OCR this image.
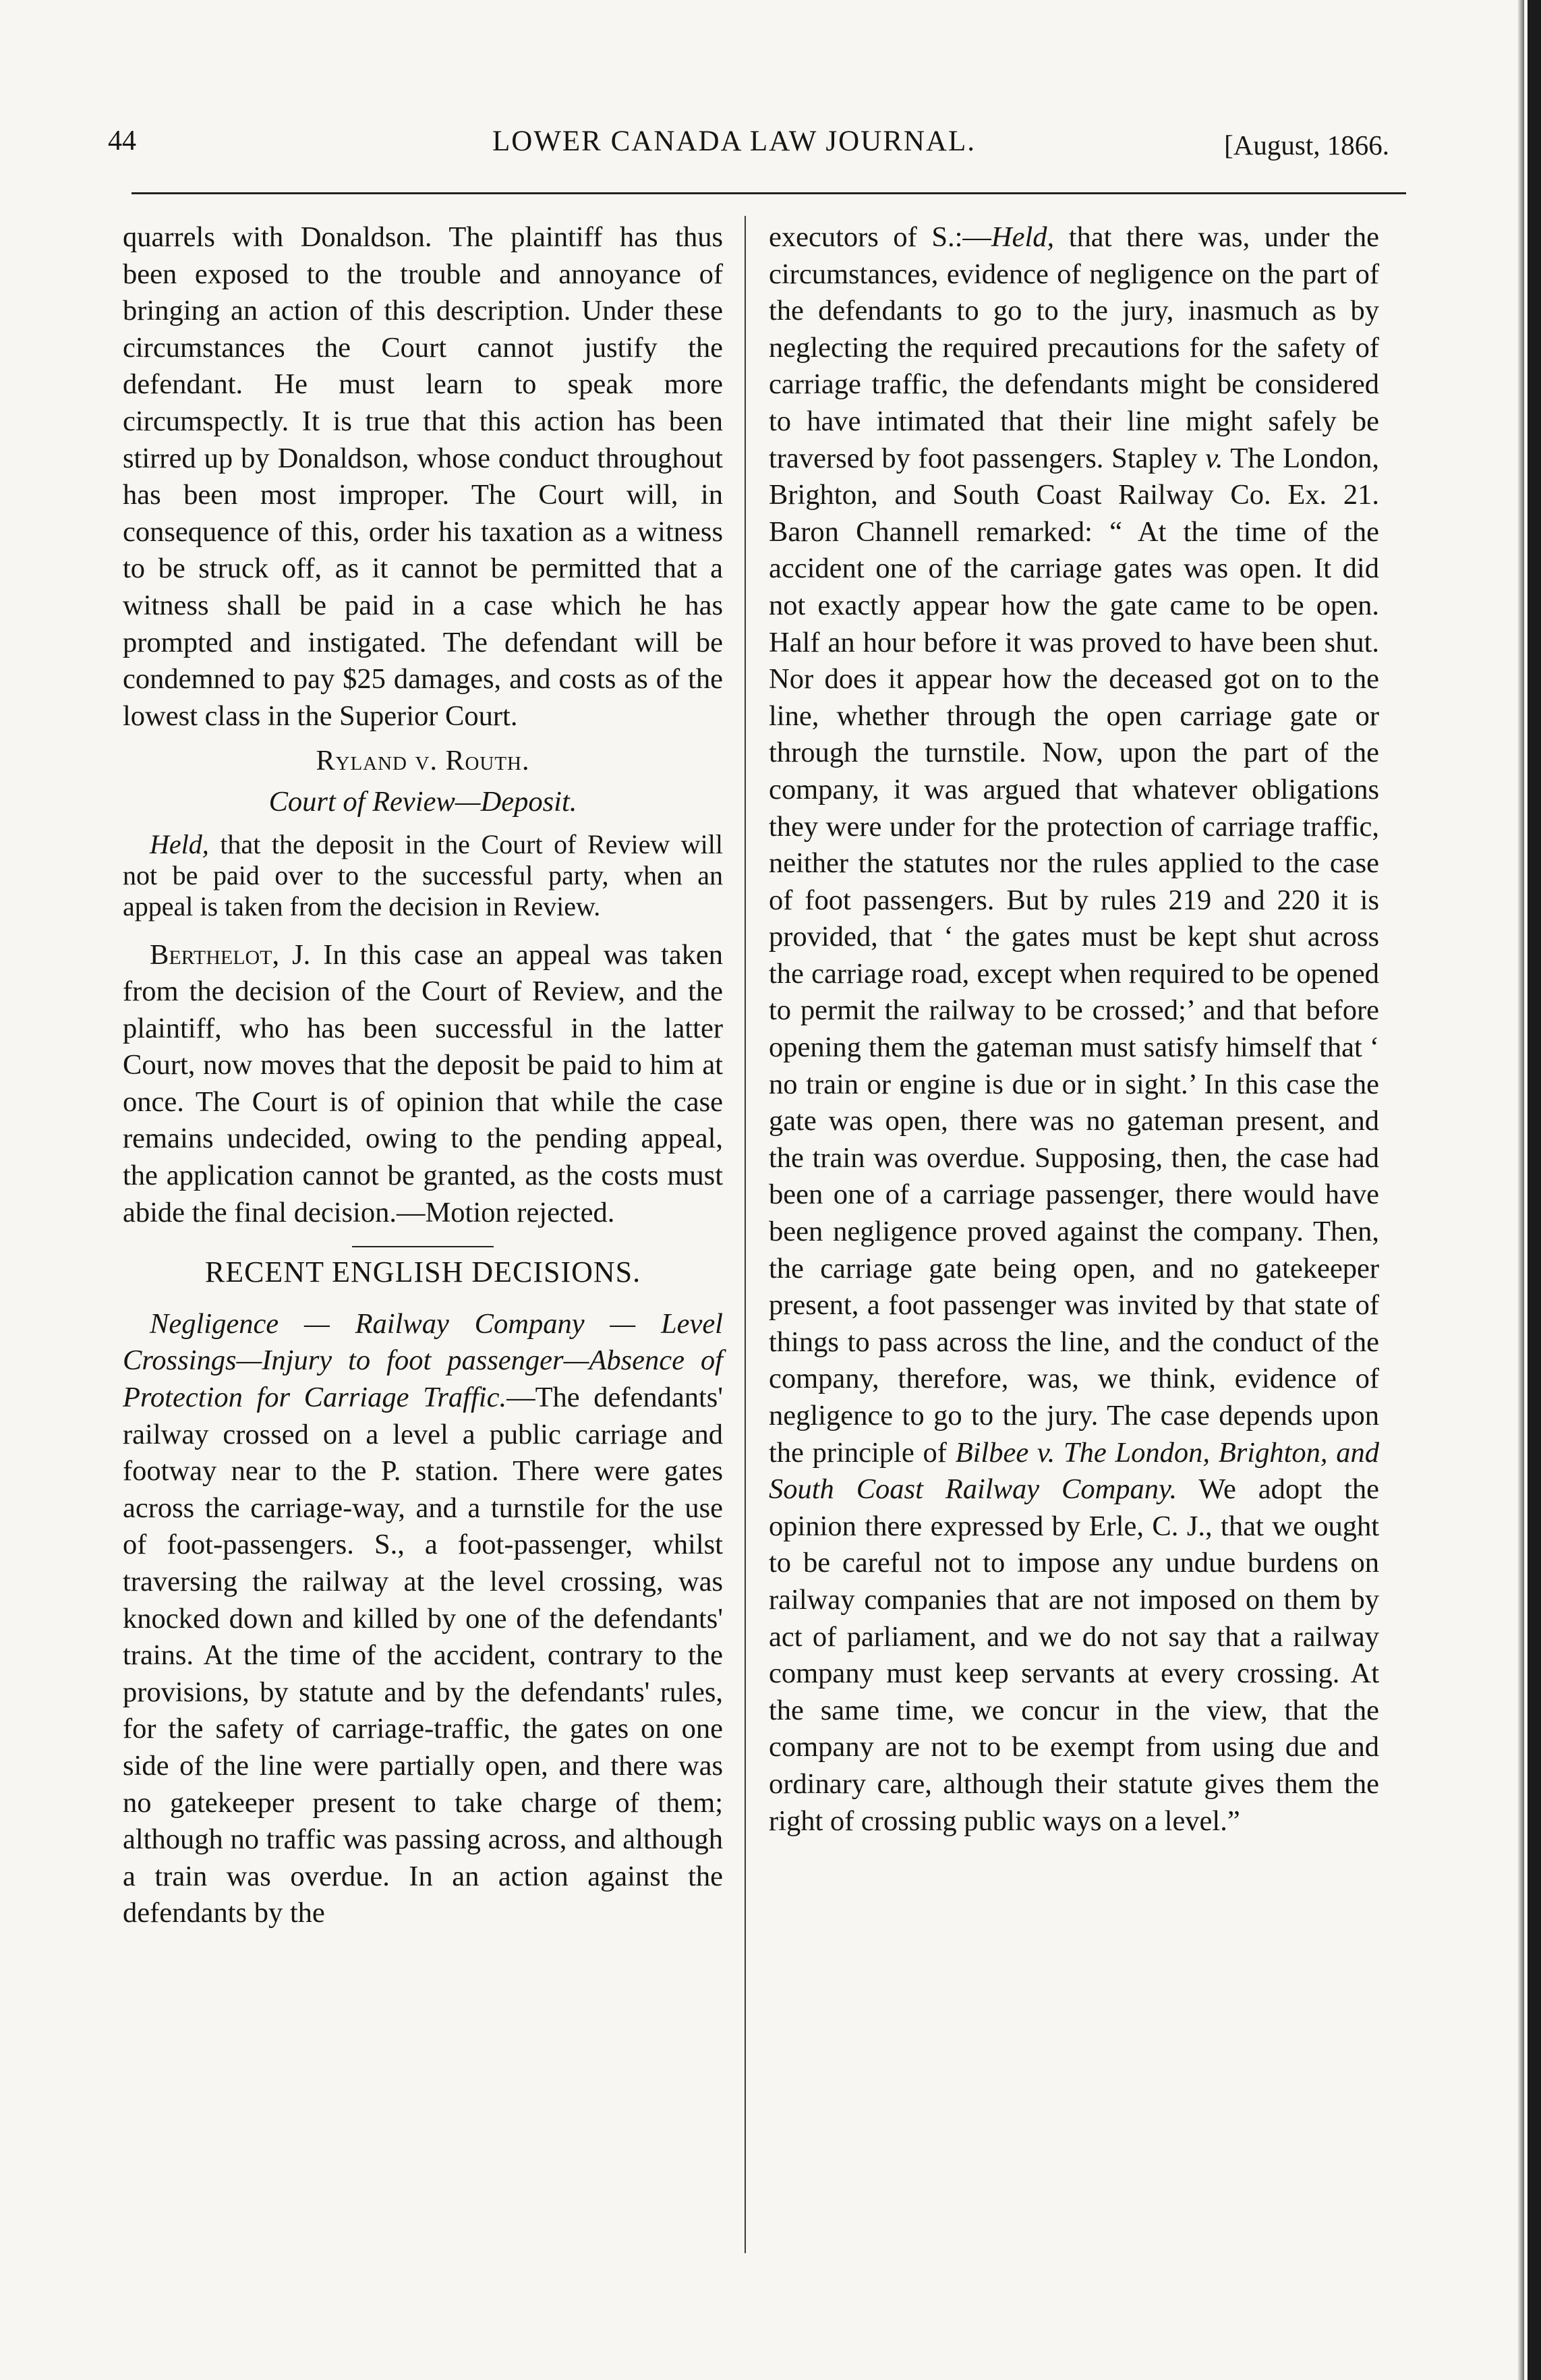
44	LOWER CANADA LAW JOURNAL.	[August, 1866.

quarrels with Donaldson. The plaintiff has thus been exposed to the trouble and annoyance of bringing an action of this description. Under these circumstances the Court cannot justify the defendant. He must learn to speak more circumspectly. It is true that this action has been stirred up by Donaldson, whose conduct throughout has been most improper. The Court will, in consequence of this, order his taxation as a witness to be struck off, as it cannot be permitted that a witness shall be paid in a case which he has prompted and instigated. The defendant will be condemned to pay $25 damages, and costs as of the lowest class in the Superior Court.

Ryland v. Routh.

Court of Review—Deposit.

Held, that the deposit in the Court of Review will not be paid over to the successful party, when an appeal is taken from the decision in Review.

Berthelot, J. In this case an appeal was taken from the decision of the Court of Review, and the plaintiff, who has been successful in the latter Court, now moves that the deposit be paid to him at once. The Court is of opinion that while the case remains undecided, owing to the pending appeal, the application cannot be granted, as the costs must abide the final decision.—Motion rejected.

RECENT ENGLISH DECISIONS.

Negligence — Railway Company — Level Crossings—Injury to foot passenger—Absence of Protection for Carriage Traffic.—The defendants' railway crossed on a level a public carriage and footway near to the P. station. There were gates across the carriage-way, and a turnstile for the use of foot-passengers. S., a foot-passenger, whilst traversing the railway at the level crossing, was knocked down and killed by one of the defendants' trains. At the time of the accident, contrary to the provisions, by statute and by the defendants' rules, for the safety of carriage-traffic, the gates on one side of the line were partially open, and there was no gatekeeper present to take charge of them; although no traffic was passing across, and although a train was overdue. In an action against the defendants by the

executors of S.:—Held, that there was, under the circumstances, evidence of negligence on the part of the defendants to go to the jury, inasmuch as by neglecting the required precautions for the safety of carriage traffic, the defendants might be considered to have intimated that their line might safely be traversed by foot passengers. Stapley v. The London, Brighton, and South Coast Railway Co. Ex. 21. Baron Channell remarked: “ At the time of the accident one of the carriage gates was open. It did not exactly appear how the gate came to be open. Half an hour before it was proved to have been shut. Nor does it appear how the deceased got on to the line, whether through the open carriage gate or through the turnstile. Now, upon the part of the company, it was argued that whatever obligations they were under for the protection of carriage traffic, neither the statutes nor the rules applied to the case of foot passengers. But by rules 219 and 220 it is provided, that ‘ the gates must be kept shut across the carriage road, except when required to be opened to permit the railway to be crossed;’ and that before opening them the gateman must satisfy himself that ‘ no train or engine is due or in sight.’ In this case the gate was open, there was no gateman present, and the train was overdue. Supposing, then, the case had been one of a carriage passenger, there would have been negligence proved against the company. Then, the carriage gate being open, and no gatekeeper present, a foot passenger was invited by that state of things to pass across the line, and the conduct of the company, therefore, was, we think, evidence of negligence to go to the jury. The case depends upon the principle of Bilbee v. The London, Brighton, and South Coast Railway Company. We adopt the opinion there expressed by Erle, C. J., that we ought to be careful not to impose any undue burdens on railway companies that are not imposed on them by act of parliament, and we do not say that a railway company must keep servants at every crossing. At the same time, we concur in the view, that the company are not to be exempt from using due and ordinary care, although their statute gives them the right of crossing public ways on a level.”
